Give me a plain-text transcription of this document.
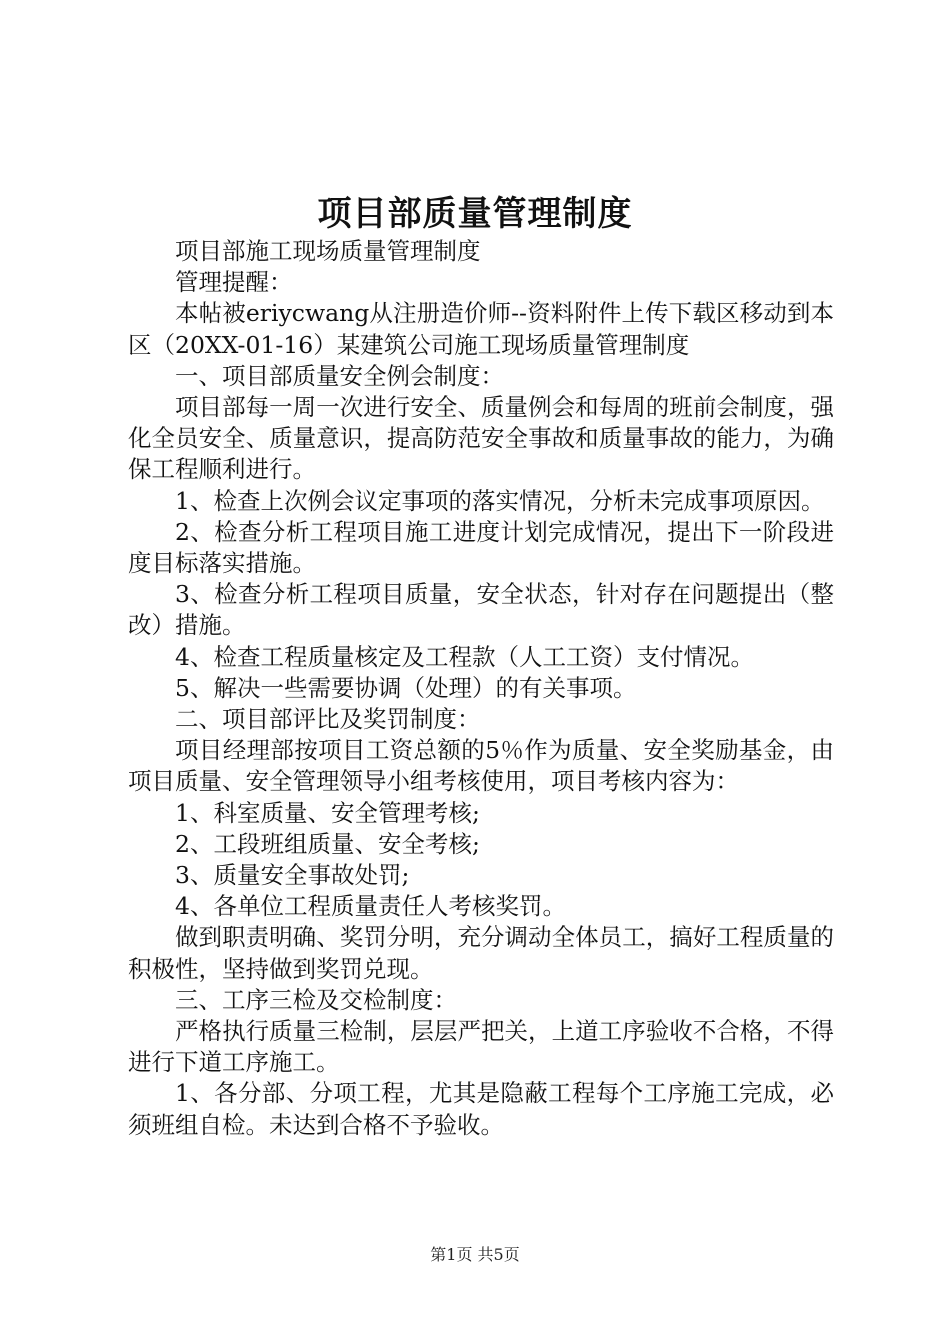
项目部质量管理制度

项目部施工现场质量管理制度

管理提醒：

本帖被eriycwang从注册造价师--资料附件上传下载区移动到本区（20XX-01-16）某建筑公司施工现场质量管理制度

一、项目部质量安全例会制度：

项目部每一周一次进行安全、质量例会和每周的班前会制度，强化全员安全、质量意识，提高防范安全事故和质量事故的能力，为确保工程顺利进行。

1、检查上次例会议定事项的落实情况，分析未完成事项原因。

2、检查分析工程项目施工进度计划完成情况，提出下一阶段进度目标落实措施。

3、检查分析工程项目质量，安全状态，针对存在问题提出（整改）措施。

4、检查工程质量核定及工程款（人工工资）支付情况。

5、解决一些需要协调（处理）的有关事项。

二、项目部评比及奖罚制度：

项目经理部按项目工资总额的5％作为质量、安全奖励基金，由项目质量、安全管理领导小组考核使用，项目考核内容为：

1、科室质量、安全管理考核;

2、工段班组质量、安全考核;

3、质量安全事故处罚;

4、各单位工程质量责任人考核奖罚。

做到职责明确、奖罚分明，充分调动全体员工，搞好工程质量的积极性，坚持做到奖罚兑现。

三、工序三检及交检制度：

严格执行质量三检制，层层严把关，上道工序验收不合格，不得进行下道工序施工。

1、各分部、分项工程，尤其是隐蔽工程每个工序施工完成，必须班组自检。未达到合格不予验收。

第1页 共5页
